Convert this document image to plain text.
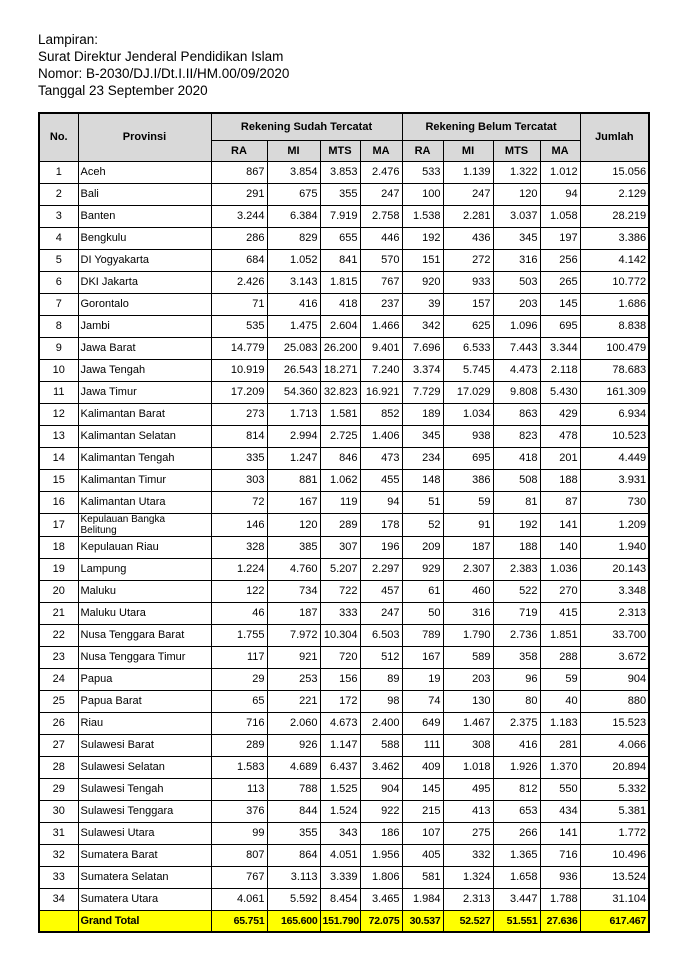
Lampiran:
Surat Direktur Jenderal Pendidikan Islam
Nomor: B-2030/DJ.I/Dt.I.II/HM.00/09/2020
Tanggal 23 September 2020
No.	Provinsi	Rekening Sudah Tercatat				Rekening Belum Tercatat				Jumlah
		RA	MI	MTS	MA	RA	MI	MTS	MA	
1	Aceh	867	3.854	3.853	2.476	533	1.139	1.322	1.012	15.056
2	Bali	291	675	355	247	100	247	120	94	2.129
3	Banten	3.244	6.384	7.919	2.758	1.538	2.281	3.037	1.058	28.219
4	Bengkulu	286	829	655	446	192	436	345	197	3.386
5	DI Yogyakarta	684	1.052	841	570	151	272	316	256	4.142
6	DKI Jakarta	2.426	3.143	1.815	767	920	933	503	265	10.772
7	Gorontalo	71	416	418	237	39	157	203	145	1.686
8	Jambi	535	1.475	2.604	1.466	342	625	1.096	695	8.838
9	Jawa Barat	14.779	25.083	26.200	9.401	7.696	6.533	7.443	3.344	100.479
10	Jawa Tengah	10.919	26.543	18.271	7.240	3.374	5.745	4.473	2.118	78.683
11	Jawa Timur	17.209	54.360	32.823	16.921	7.729	17.029	9.808	5.430	161.309
12	Kalimantan Barat	273	1.713	1.581	852	189	1.034	863	429	6.934
13	Kalimantan Selatan	814	2.994	2.725	1.406	345	938	823	478	10.523
14	Kalimantan Tengah	335	1.247	846	473	234	695	418	201	4.449
15	Kalimantan Timur	303	881	1.062	455	148	386	508	188	3.931
16	Kalimantan Utara	72	167	119	94	51	59	81	87	730
17	Kepulauan Bangka Belitung	146	120	289	178	52	91	192	141	1.209
18	Kepulauan Riau	328	385	307	196	209	187	188	140	1.940
19	Lampung	1.224	4.760	5.207	2.297	929	2.307	2.383	1.036	20.143
20	Maluku	122	734	722	457	61	460	522	270	3.348
21	Maluku Utara	46	187	333	247	50	316	719	415	2.313
22	Nusa Tenggara Barat	1.755	7.972	10.304	6.503	789	1.790	2.736	1.851	33.700
23	Nusa Tenggara Timur	117	921	720	512	167	589	358	288	3.672
24	Papua	29	253	156	89	19	203	96	59	904
25	Papua Barat	65	221	172	98	74	130	80	40	880
26	Riau	716	2.060	4.673	2.400	649	1.467	2.375	1.183	15.523
27	Sulawesi Barat	289	926	1.147	588	111	308	416	281	4.066
28	Sulawesi Selatan	1.583	4.689	6.437	3.462	409	1.018	1.926	1.370	20.894
29	Sulawesi Tengah	113	788	1.525	904	145	495	812	550	5.332
30	Sulawesi Tenggara	376	844	1.524	922	215	413	653	434	5.381
31	Sulawesi Utara	99	355	343	186	107	275	266	141	1.772
32	Sumatera Barat	807	864	4.051	1.956	405	332	1.365	716	10.496
33	Sumatera Selatan	767	3.113	3.339	1.806	581	1.324	1.658	936	13.524
34	Sumatera Utara	4.061	5.592	8.454	3.465	1.984	2.313	3.447	1.788	31.104
	Grand Total	65.751	165.600	151.790	72.075	30.537	52.527	51.551	27.636	617.467
